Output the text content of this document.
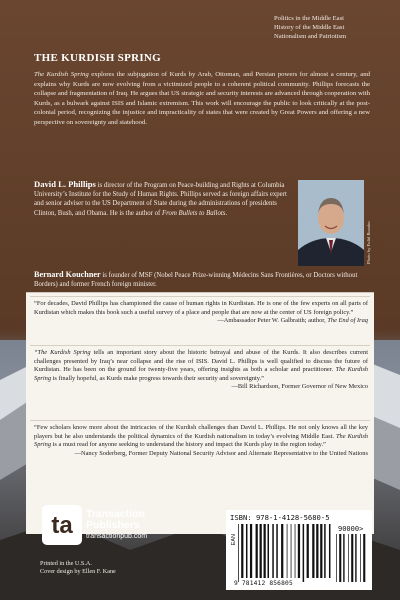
Politics in the Middle East
History of the Middle East
Nationalism and Patriotism
THE KURDISH SPRING
The Kurdish Spring explores the subjugation of Kurds by Arab, Ottoman, and Persian powers for almost a century, and explains why Kurds are now evolving from a victimized people to a coherent political community. Phillips forecasts the collapse and fragmentation of Iraq. He argues that US strategic and security interests are advanced through cooperation with Kurds, as a bulwark against ISIS and Islamic extremism. This work will encourage the public to look critically at the post-colonial period, recognizing the injustice and impracticality of states that were created by Great Powers and offering a new perspective on sovereignty and statehood.
David L. Phillips is director of the Program on Peace-building and Rights at Columbia University’s Institute for the Study of Human Rights. Phillips served as foreign affairs expert and senior adviser to the US Department of State during the administrations of presidents Clinton, Bush, and Obama. He is the author of From Bullets to Ballots.
Photo by Fulid Bozabu
Bernard Kouchner is founder of MSF (Nobel Peace Prize-winning Médecins Sans Frontières, or Doctors without Borders) and former French foreign minister.
“For decades, David Phillips has championed the cause of human rights in Kurdistan. He is one of the few experts on all parts of Kurdistan which makes this book such a useful survey of a place and people that are now at the center of US foreign policy.”
—Ambassador Peter W. Galbraith; author, The End of Iraq
“The Kurdish Spring tells an important story about the historic betrayal and abuse of the Kurds. It also describes current challenges presented by Iraq’s near collapse and the rise of ISIS. David L. Phillips is well qualified to discuss the future of Kurdistan. He has been on the ground for twenty-five years, offering insights as both a scholar and practitioner. The Kurdish Spring is finally hopeful, as Kurds make progress towards their security and sovereignty.”
—Bill Richardson, Former Governor of New Mexico
“Few scholars know more about the intricacies of the Kurdish challenges than David L. Phillips. He not only knows all the key players but he also understands the political dynamics of the Kurdish nationalism in today’s evolving Middle East. The Kurdish Spring is a must read for anyone seeking to understand the history and impact the Kurds play in the region today.”
—Nancy Soderberg, Former Deputy National Security Advisor and Alternate Representative to the United Nations
ta Transaction
Publishers
transactionpub.com
Printed in the U.S.A.
Cover design by Ellen F. Kane
ISBN: 978-1-4128-5680-5
EAN
90000>
9 781412 856805
